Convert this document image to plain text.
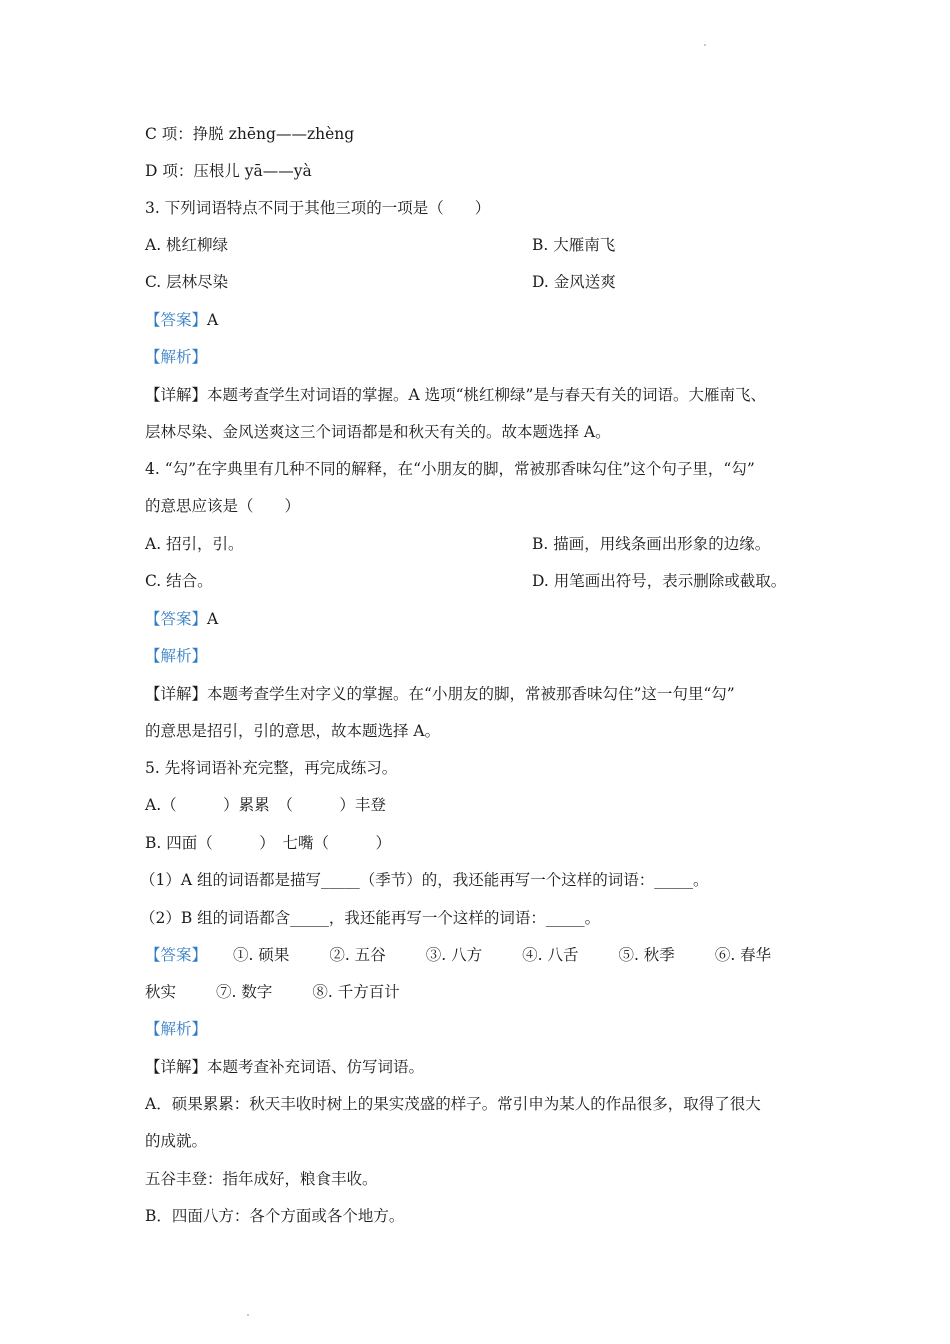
C 项：挣脱 zhēng——zhèng
D 项：压根儿 yā——yà
3. 下列词语特点不同于其他三项的一项是（　　）
A. 桃红柳绿	B. 大雁南飞
C. 层林尽染	D. 金风送爽
【答案】A
【解析】
【详解】本题考查学生对词语的掌握。A 选项“桃红柳绿”是与春天有关的词语。大雁南飞、
层林尽染、金风送爽这三个词语都是和秋天有关的。故本题选择 A。
4. “勾”在字典里有几种不同的解释，在“小朋友的脚，常被那香味勾住”这个句子里，“勾”
的意思应该是（　　）
A. 招引，引。	B. 描画，用线条画出形象的边缘。
C. 结合。	D. 用笔画出符号，表示删除或截取。
【答案】A
【解析】
【详解】本题考查学生对字义的掌握。在“小朋友的脚，常被那香味勾住”这一句里“勾”
的意思是招引，引的意思，故本题选择 A。
5. 先将词语补充完整，再完成练习。
A.（　　　）累累　（　　　）丰登
B. 四面（　　　）　七嘴（　　　）
（1）A 组的词语都是描写_____（季节）的，我还能再写一个这样的词语：_____。
（2）B 组的词语都含_____，我还能再写一个这样的词语：_____。
【答案】 ①. 硕果	②. 五谷	③. 八方	④. 八舌	⑤. 秋季	⑥. 春华
秋实	⑦. 数字	⑧. 千方百计
【解析】
【详解】本题考查补充词语、仿写词语。
A．硕果累累：秋天丰收时树上的果实茂盛的样子。常引申为某人的作品很多，取得了很大
的成就。
五谷丰登：指年成好，粮食丰收。
B．四面八方：各个方面或各个地方。
